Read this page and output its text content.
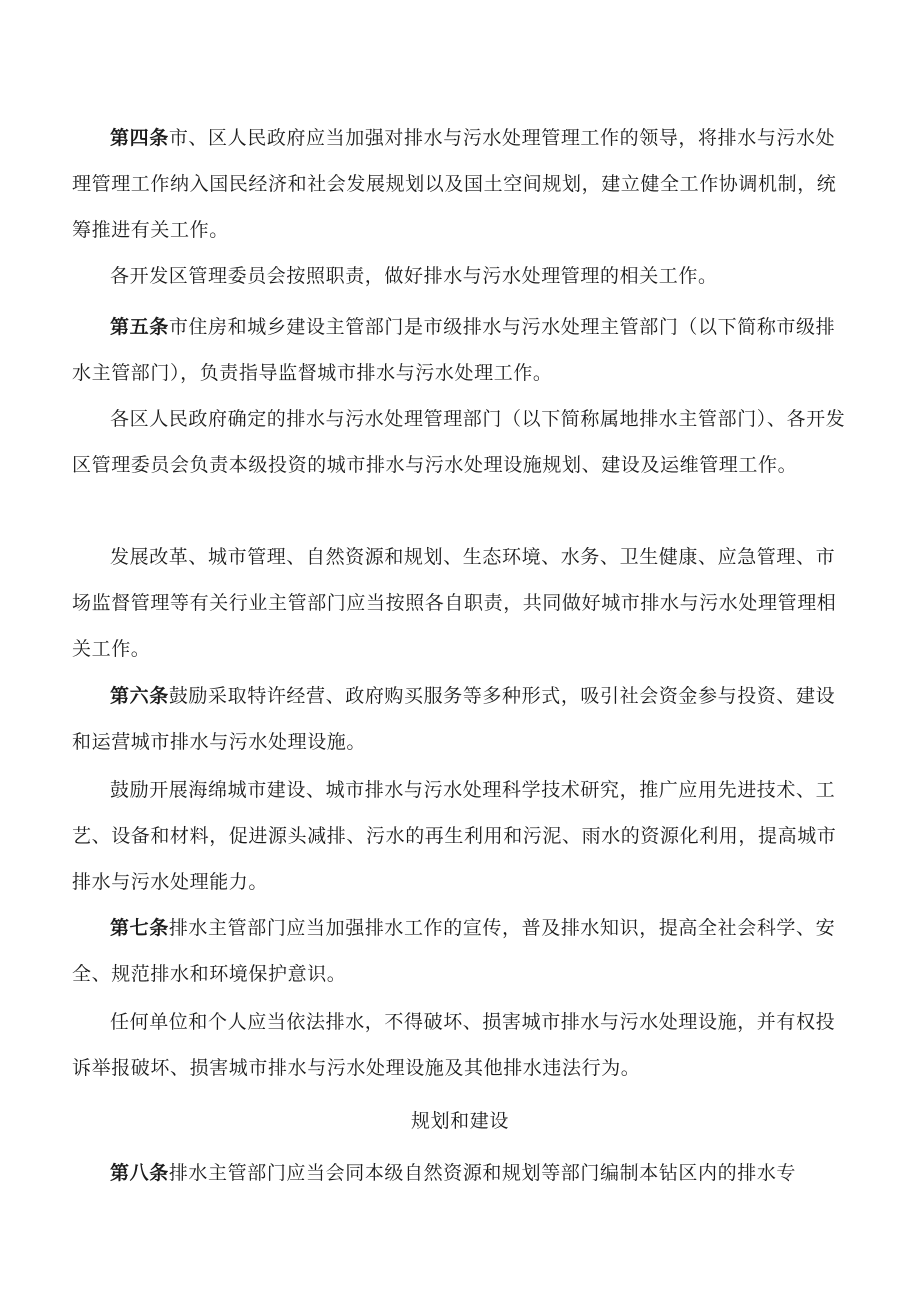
第四条市、区人民政府应当加强对排水与污水处理管理工作的领导，将排水与污水处理管理工作纳入国民经济和社会发展规划以及国土空间规划，建立健全工作协调机制，统筹推进有关工作。

各开发区管理委员会按照职责，做好排水与污水处理管理的相关工作。

第五条市住房和城乡建设主管部门是市级排水与污水处理主管部门（以下简称市级排水主管部门），负责指导监督城市排水与污水处理工作。

各区人民政府确定的排水与污水处理管理部门（以下简称属地排水主管部门）、各开发区管理委员会负责本级投资的城市排水与污水处理设施规划、建设及运维管理工作。

发展改革、城市管理、自然资源和规划、生态环境、水务、卫生健康、应急管理、市场监督管理等有关行业主管部门应当按照各自职责，共同做好城市排水与污水处理管理相关工作。

第六条鼓励采取特许经营、政府购买服务等多种形式，吸引社会资金参与投资、建设和运营城市排水与污水处理设施。

鼓励开展海绵城市建设、城市排水与污水处理科学技术研究，推广应用先进技术、工艺、设备和材料，促进源头减排、污水的再生利用和污泥、雨水的资源化利用，提高城市排水与污水处理能力。

第七条排水主管部门应当加强排水工作的宣传，普及排水知识，提高全社会科学、安全、规范排水和环境保护意识。

任何单位和个人应当依法排水，不得破坏、损害城市排水与污水处理设施，并有权投诉举报破坏、损害城市排水与污水处理设施及其他排水违法行为。

规划和建设

第八条排水主管部门应当会同本级自然资源和规划等部门编制本钻区内的排水专
